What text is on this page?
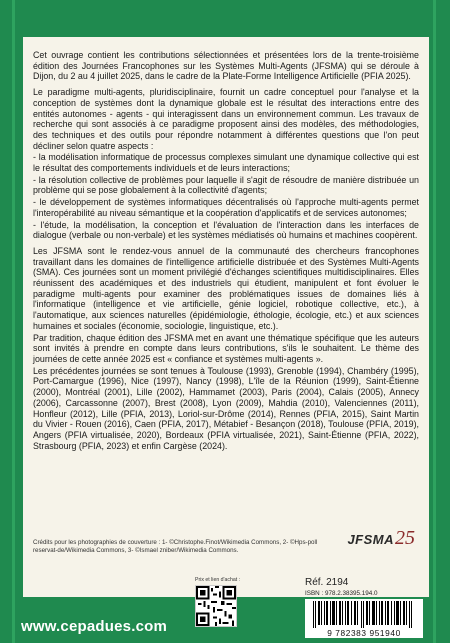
Cet ouvrage contient les contributions sélectionnées et présentées lors de la trente-troisième édition des Journées Francophones sur les Systèmes Multi-Agents (JFSMA) qui se déroule à Dijon, du 2 au 4 juillet 2025, dans le cadre de la Plate-Forme Intelligence Artificielle (PFIA 2025).

Le paradigme multi-agents, pluridisciplinaire, fournit un cadre conceptuel pour l'analyse et la conception de systèmes dont la dynamique globale est le résultat des interactions entre des entités autonomes - agents - qui interagissent dans un environnement commun. Les travaux de recherche qui sont associés à ce paradigme proposent ainsi des modèles, des méthodologies, des techniques et des outils pour répondre notamment à différentes questions que l'on peut décliner selon quatre aspects :

- la modélisation informatique de processus complexes simulant une dynamique collective qui est le résultat des comportements individuels et de leurs interactions;

- la résolution collective de problèmes pour laquelle il s'agit de résoudre de manière distribuée un problème qui se pose globalement à la collectivité d'agents;

- le développement de systèmes informatiques décentralisés où l'approche multi-agents permet l'interopérabilité au niveau sémantique et la coopération d'applicatifs et de services autonomes;

- l'étude, la modélisation, la conception et l'évaluation de l'interaction dans les interfaces de dialogue (verbale ou non-verbale) et les systèmes médiatisés où humains et machines coopèrent.

Les JFSMA sont le rendez-vous annuel de la communauté des chercheurs francophones travaillant dans les domaines de l'intelligence artificielle distribuée et des Systèmes Multi-Agents (SMA). Ces journées sont un moment privilégié d'échanges scientifiques multidisciplinaires. Elles réunissent des académiques et des industriels qui étudient, manipulent et font évoluer le paradigme multi-agents pour examiner des problématiques issues de domaines liés à l'informatique (intelligence et vie artificielle, génie logiciel, robotique collective, etc.), à l'automatique, aux sciences naturelles (épidémiologie, éthologie, écologie, etc.) et aux sciences humaines et sociales (économie, sociologie, linguistique, etc.).

Par tradition, chaque édition des JFSMA met en avant une thématique spécifique que les auteurs sont invités à prendre en compte dans leurs contributions, s'ils le souhaitent. Le thème des journées de cette année 2025 est « confiance et systèmes multi-agents ».

Les précédentes journées se sont tenues à Toulouse (1993), Grenoble (1994), Chambéry (1995), Port-Camargue (1996), Nice (1997), Nancy (1998), L'île de la Réunion (1999), Saint-Étienne (2000), Montréal (2001), Lille (2002), Hammamet (2003), Paris (2004), Calais (2005), Annecy (2006), Carcassonne (2007), Brest (2008), Lyon (2009), Mahdia (2010), Valenciennes (2011), Honfleur (2012), Lille (PFIA, 2013), Loriol-sur-Drôme (2014), Rennes (PFIA, 2015), Saint Martin du Vivier - Rouen (2016), Caen (PFIA, 2017), Métabief - Besançon (2018), Toulouse (PFIA, 2019), Angers (PFIA virtualisée, 2020), Bordeaux (PFIA virtualisée, 2021), Saint-Étienne (PFIA, 2022), Strasbourg (PFIA, 2023) et enfin Cargèse (2024).

Crédits pour les photographies de couverture : 1- ©Christophe.Finot/Wikimedia Commons, 2- ©Hps-poll reservat-de/Wikimedia Commons, 3- ©Ismael zniber/Wikimedia Commons.
JFSMA 25
Prix et lien d'achat :	Réf. 2194
ISBN : 978.2.38395.194.0
9 782383 951940
www.cepadues.com
